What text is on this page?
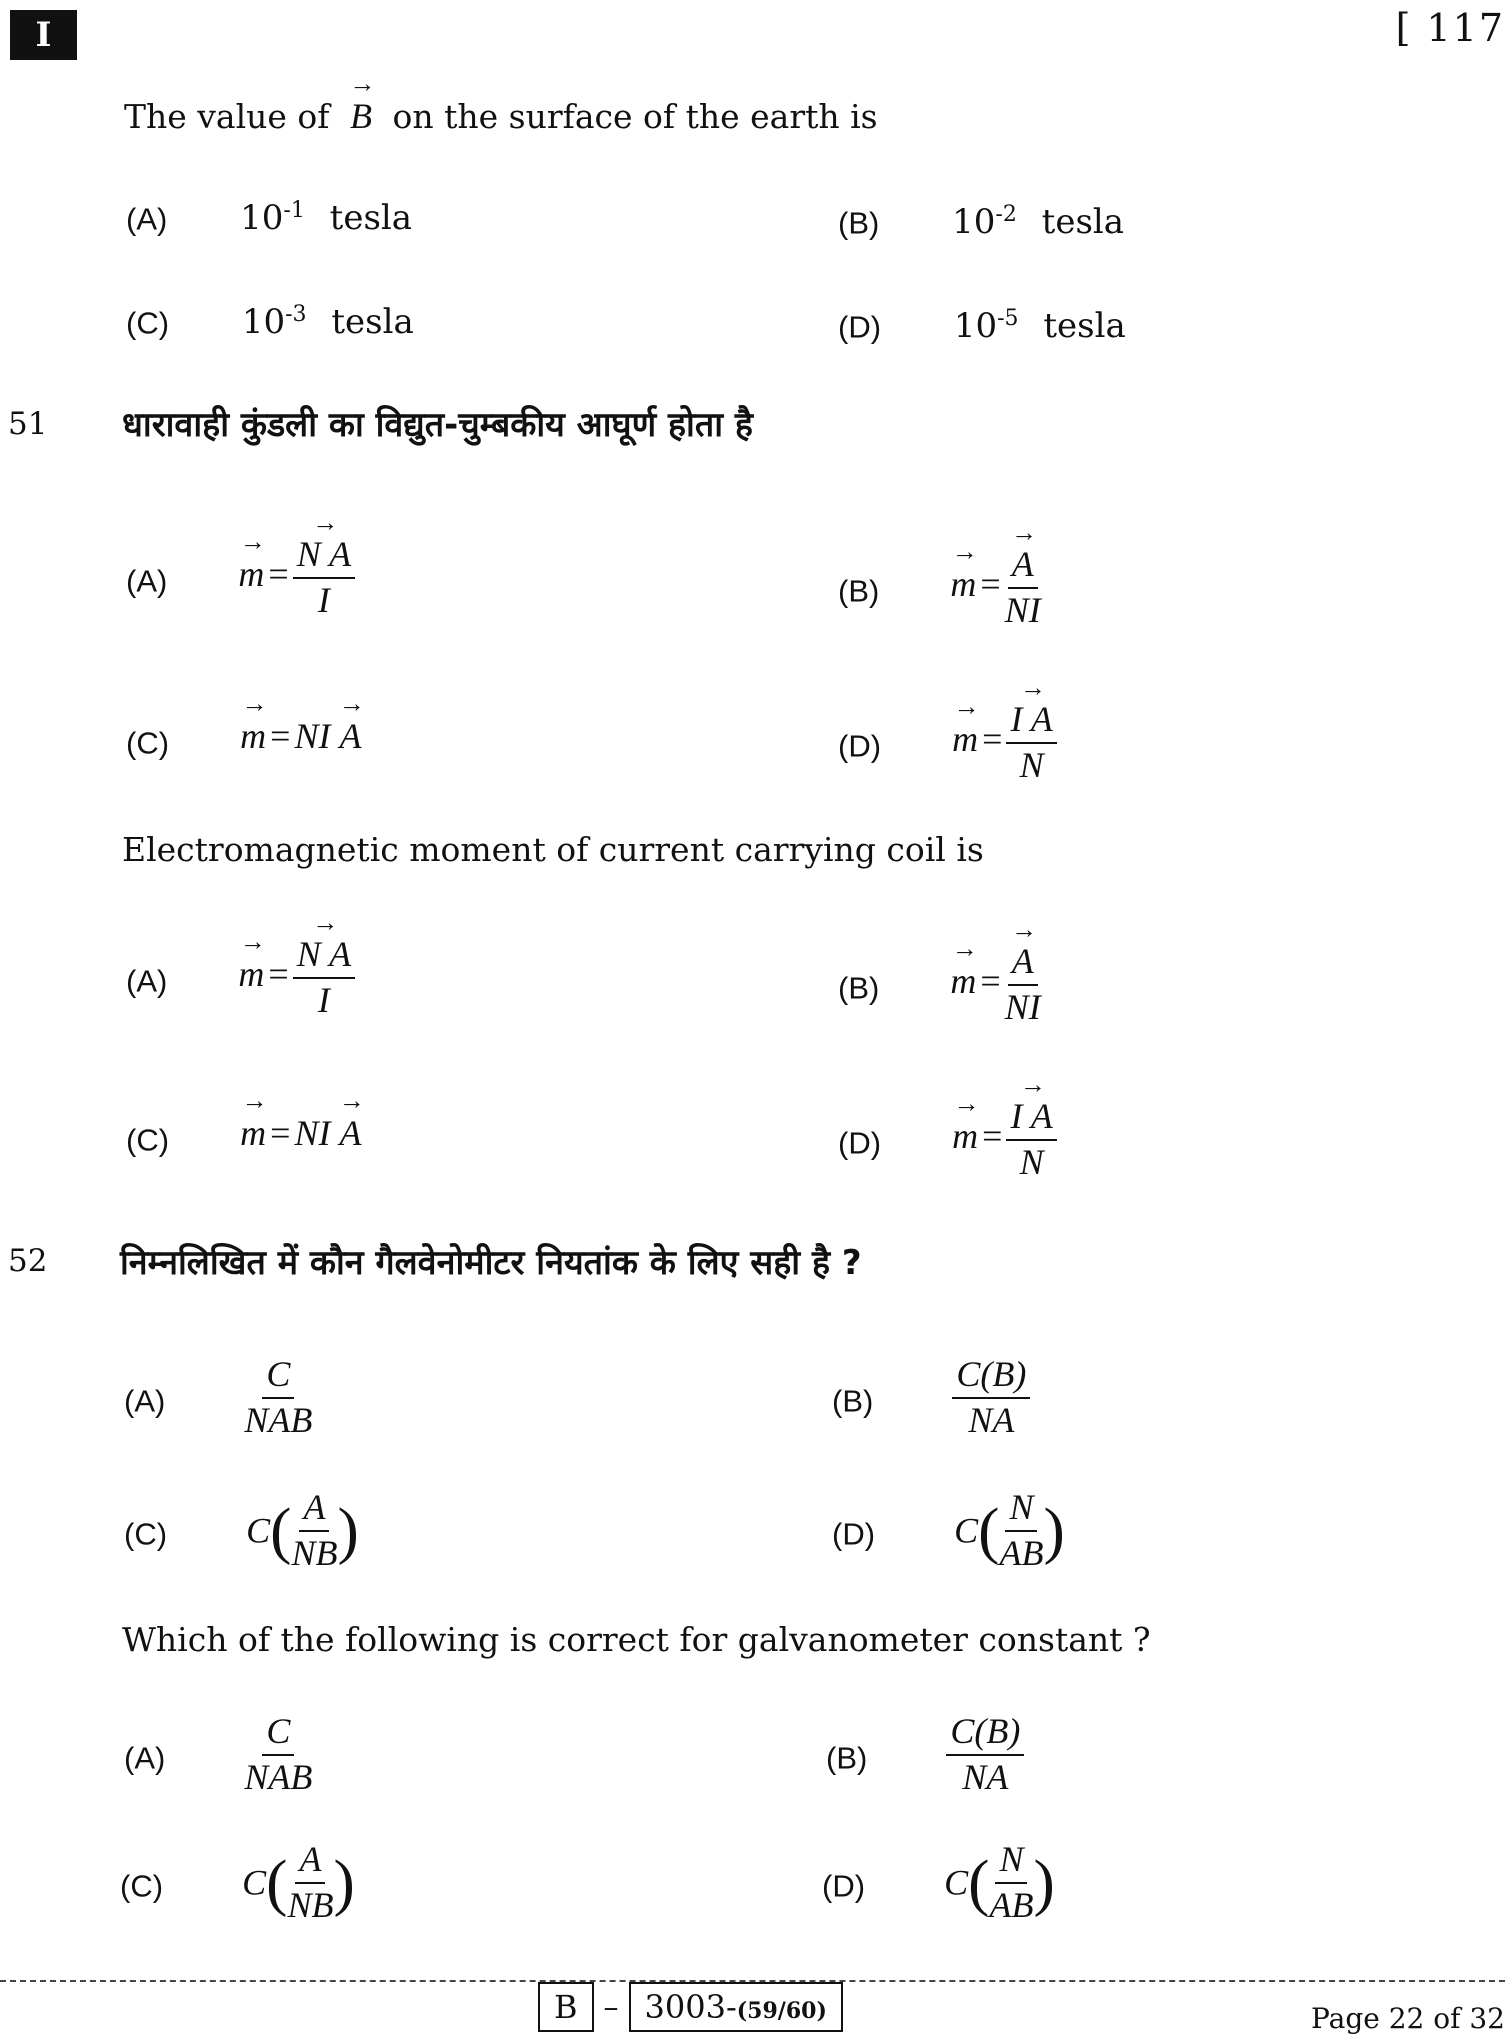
I	[ 117
The value of → B on the surface of the earth is
(A) $10^{-1}$ tesla	(B) $10^{-2}$ tesla
(C) $10^{-3}$ tesla	(D) $10^{-5}$ tesla
51 धारावाही कुंडली का विद्युत-चुम्बकीय आघूर्ण होता है
(A) → m = → $\frac{\text{N A}}{I}$	(B) → m = → $\frac{A}{NI}$
(C) → m = NI → A	(D) → m = → $\frac{\text{I A}}{N}$
Electromagnetic moment of current carrying coil is
(A) → m = → $\frac{\text{N A}}{I}$	(B) → m = → $\frac{A}{NI}$
(C) → m = NI → A	(D) → m = → $\frac{\text{I A}}{N}$
52 निम्नलिखित में कौन गैलवेनोमीटर नियतांक के लिए सही है ?
$(A) \frac{C}{\text{NAB}}$	$(B) \frac{C(B)}{NA}$
(C) $C( \frac{A}{NB}$ )	(D) $C( \frac{N}{AB}$ )
Which of the following is correct for galvanometer constant ?
$(A) \frac{C}{\text{NAB}}$	$(B) \frac{C(B)}{NA}$
(C) $C( \frac{A}{NB}$ )	(D) $C( \frac{N}{AB}$ )
B – 3003-(59/60)	Page 22 of 32
